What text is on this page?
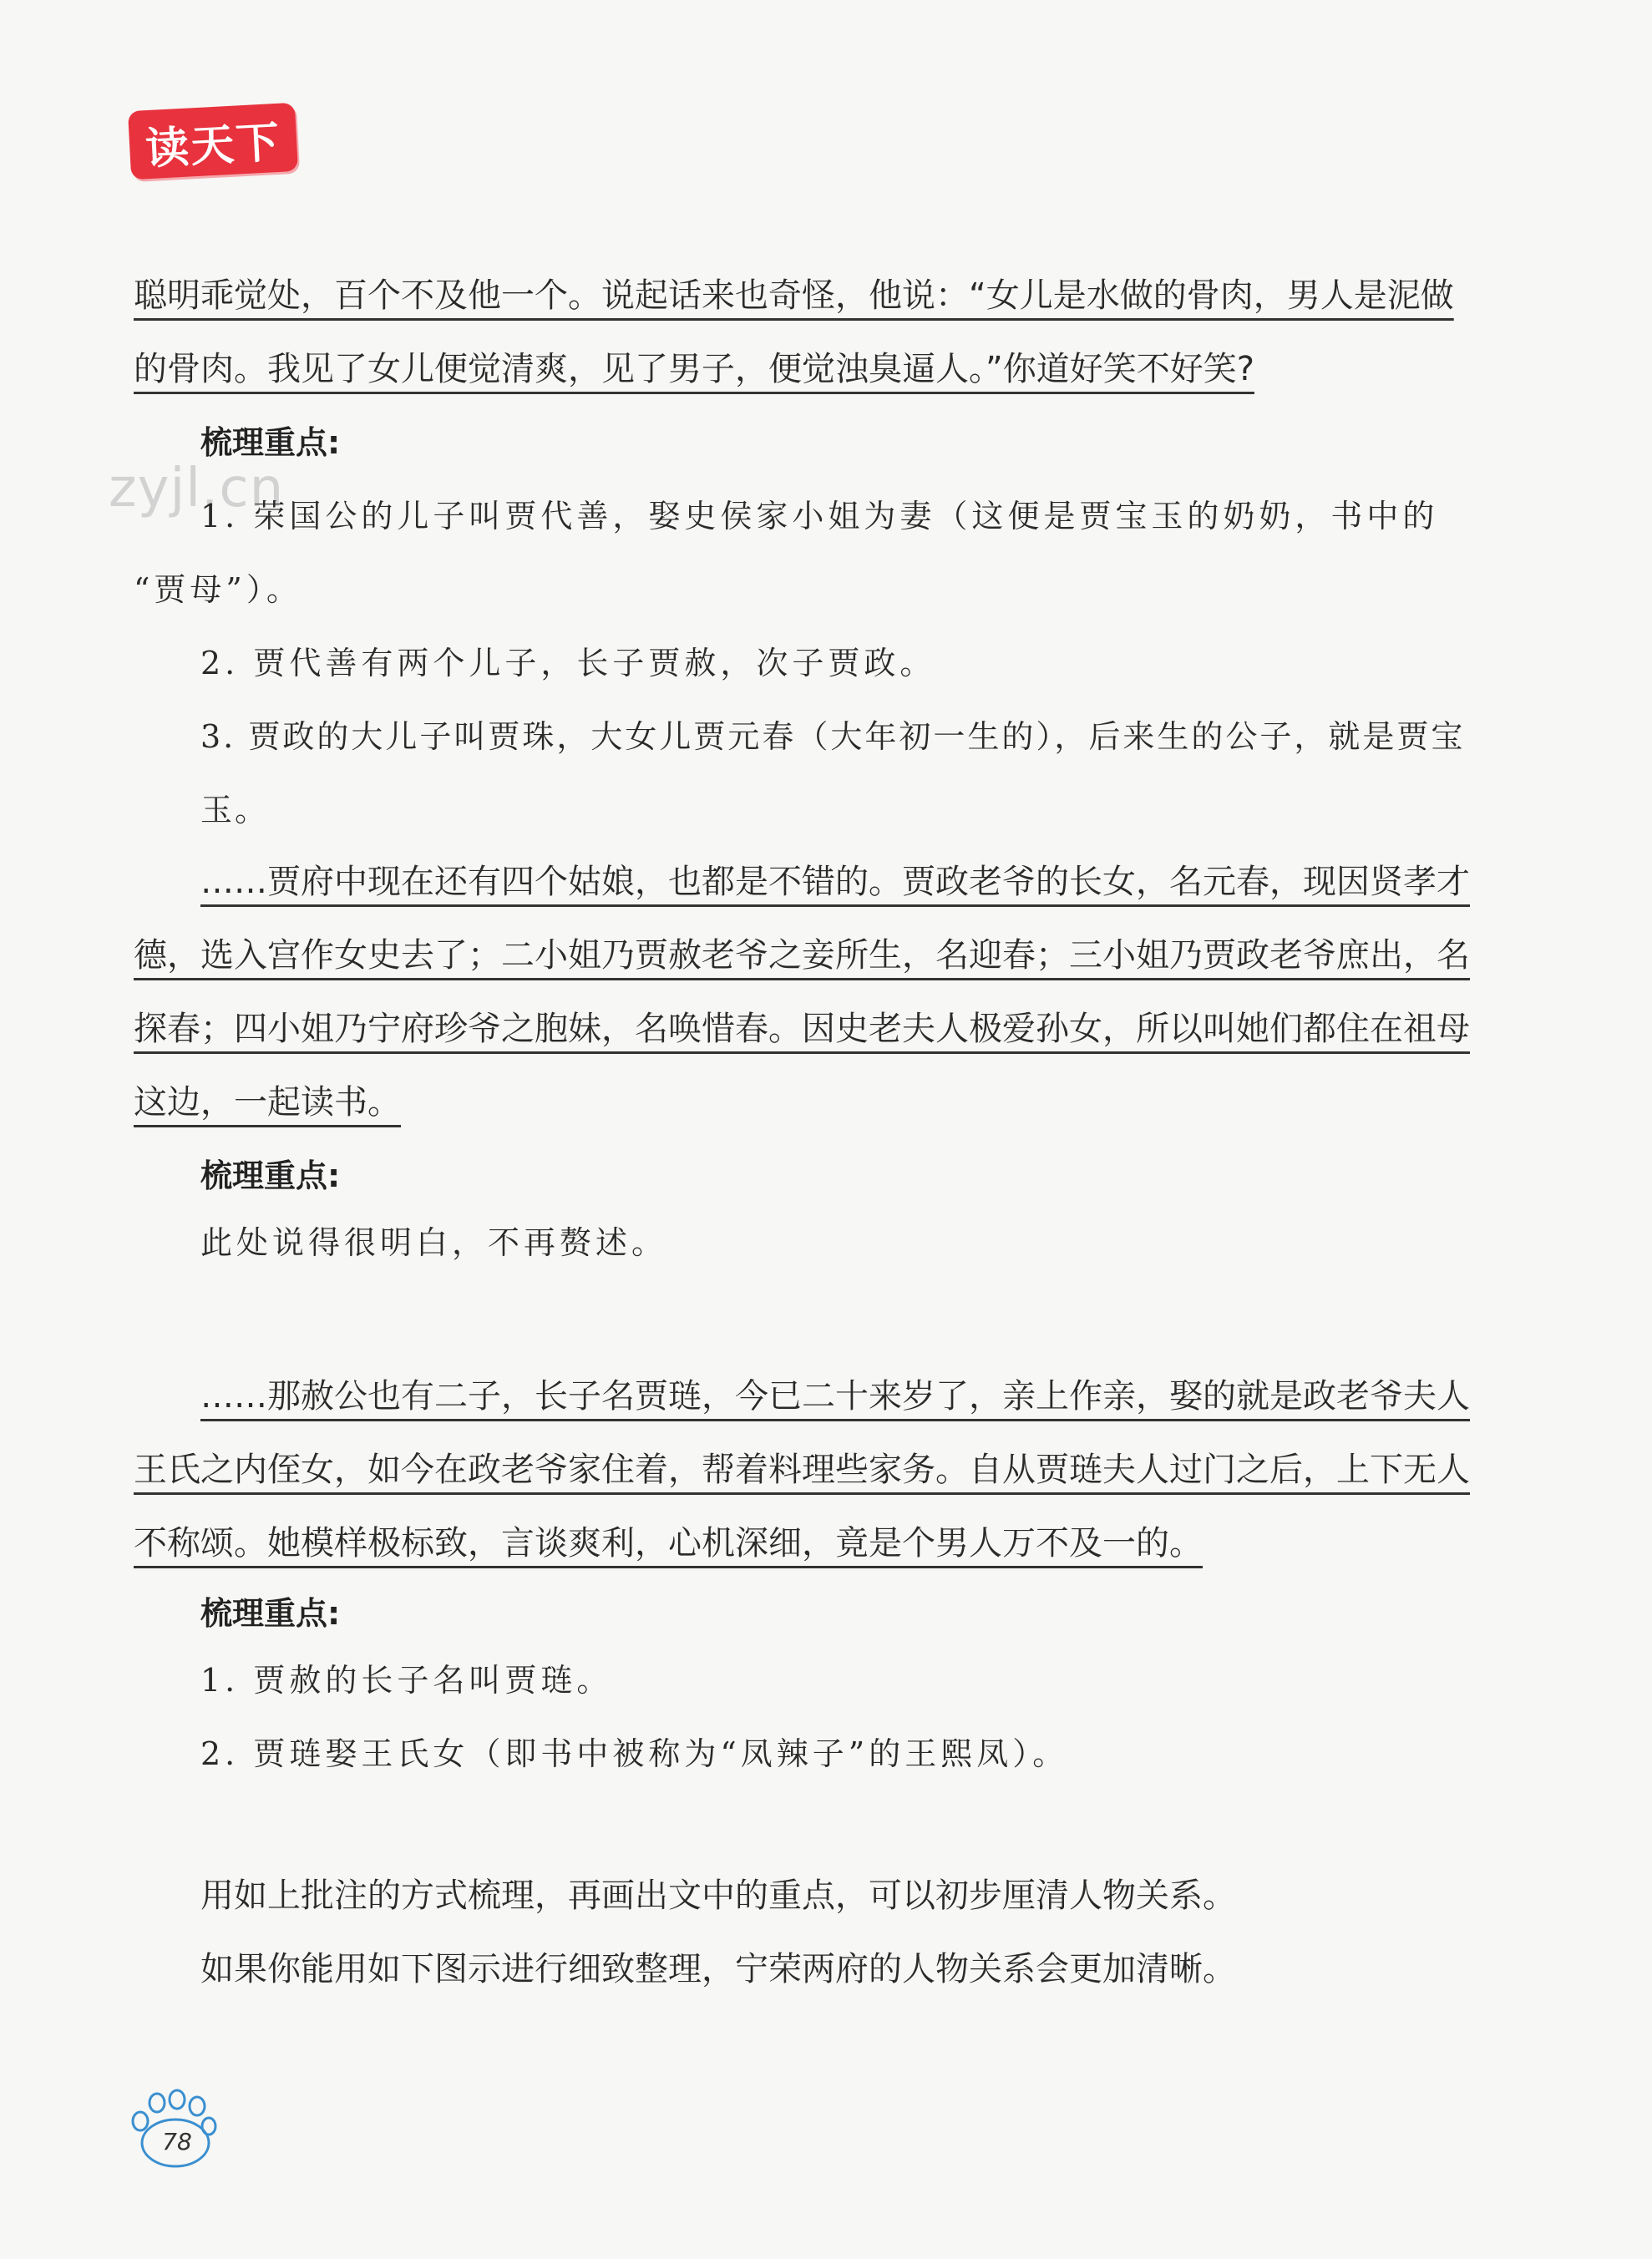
读天下
聪明乖觉处，百个不及他一个。说起话来也奇怪，他说：“女儿是水做的骨肉，男人是泥做
的骨肉。我见了女儿便觉清爽，见了男子，便觉浊臭逼人。”你道好笑不好笑?
梳理重点:
zyjl.cn
1. 荣国公的儿子叫贾代善，娶史侯家小姐为妻（这便是贾宝玉的奶奶，书中的
“贾母”）。
2. 贾代善有两个儿子，长子贾赦，次子贾政。
3. 贾政的大儿子叫贾珠，大女儿贾元春（大年初一生的），后来生的公子，就是贾宝玉。
……贾府中现在还有四个姑娘，也都是不错的。贾政老爷的长女，名元春，现因贤孝才
德，选入宫作女史去了；二小姐乃贾赦老爷之妾所生，名迎春；三小姐乃贾政老爷庶出，名
探春；四小姐乃宁府珍爷之胞妹，名唤惜春。因史老夫人极爱孙女，所以叫她们都住在祖母
这边，一起读书。
梳理重点:
此处说得很明白，不再赘述。
……那赦公也有二子，长子名贾琏，今已二十来岁了，亲上作亲，娶的就是政老爷夫人
王氏之内侄女，如今在政老爷家住着，帮着料理些家务。自从贾琏夫人过门之后，上下无人
不称颂。她模样极标致，言谈爽利，心机深细，竟是个男人万不及一的。
梳理重点:
1. 贾赦的长子名叫贾琏。
2. 贾琏娶王氏女（即书中被称为“凤辣子”的王熙凤）。
用如上批注的方式梳理，再画出文中的重点，可以初步厘清人物关系。
如果你能用如下图示进行细致整理，宁荣两府的人物关系会更加清晰。
78
